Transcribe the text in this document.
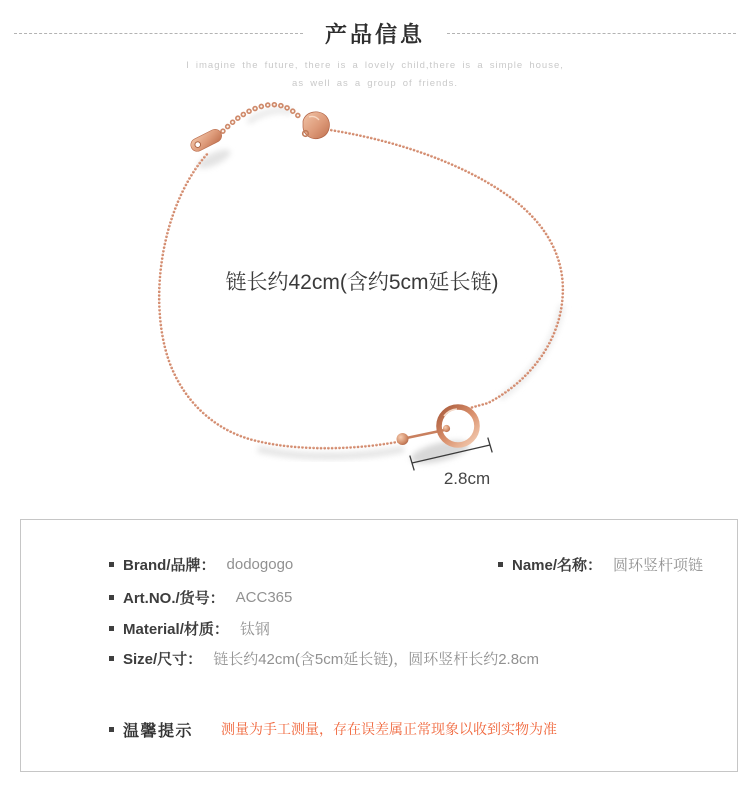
产品信息
I imagine the future, there is a lovely child,there is a simple house,
as well as a group of friends.
链长约42cm(含约5cm延长链)
2.8cm
Brand/品牌： dodogogo	Name/名称： 圆环竖杆项链
Art.NO./货号： ACC365
Material/材质： 钛钢
Size/尺寸： 链长约42cm(含5cm延长链)，圆环竖杆长约2.8cm
温馨提示 测量为手工测量，存在误差属正常现象以收到实物为准
